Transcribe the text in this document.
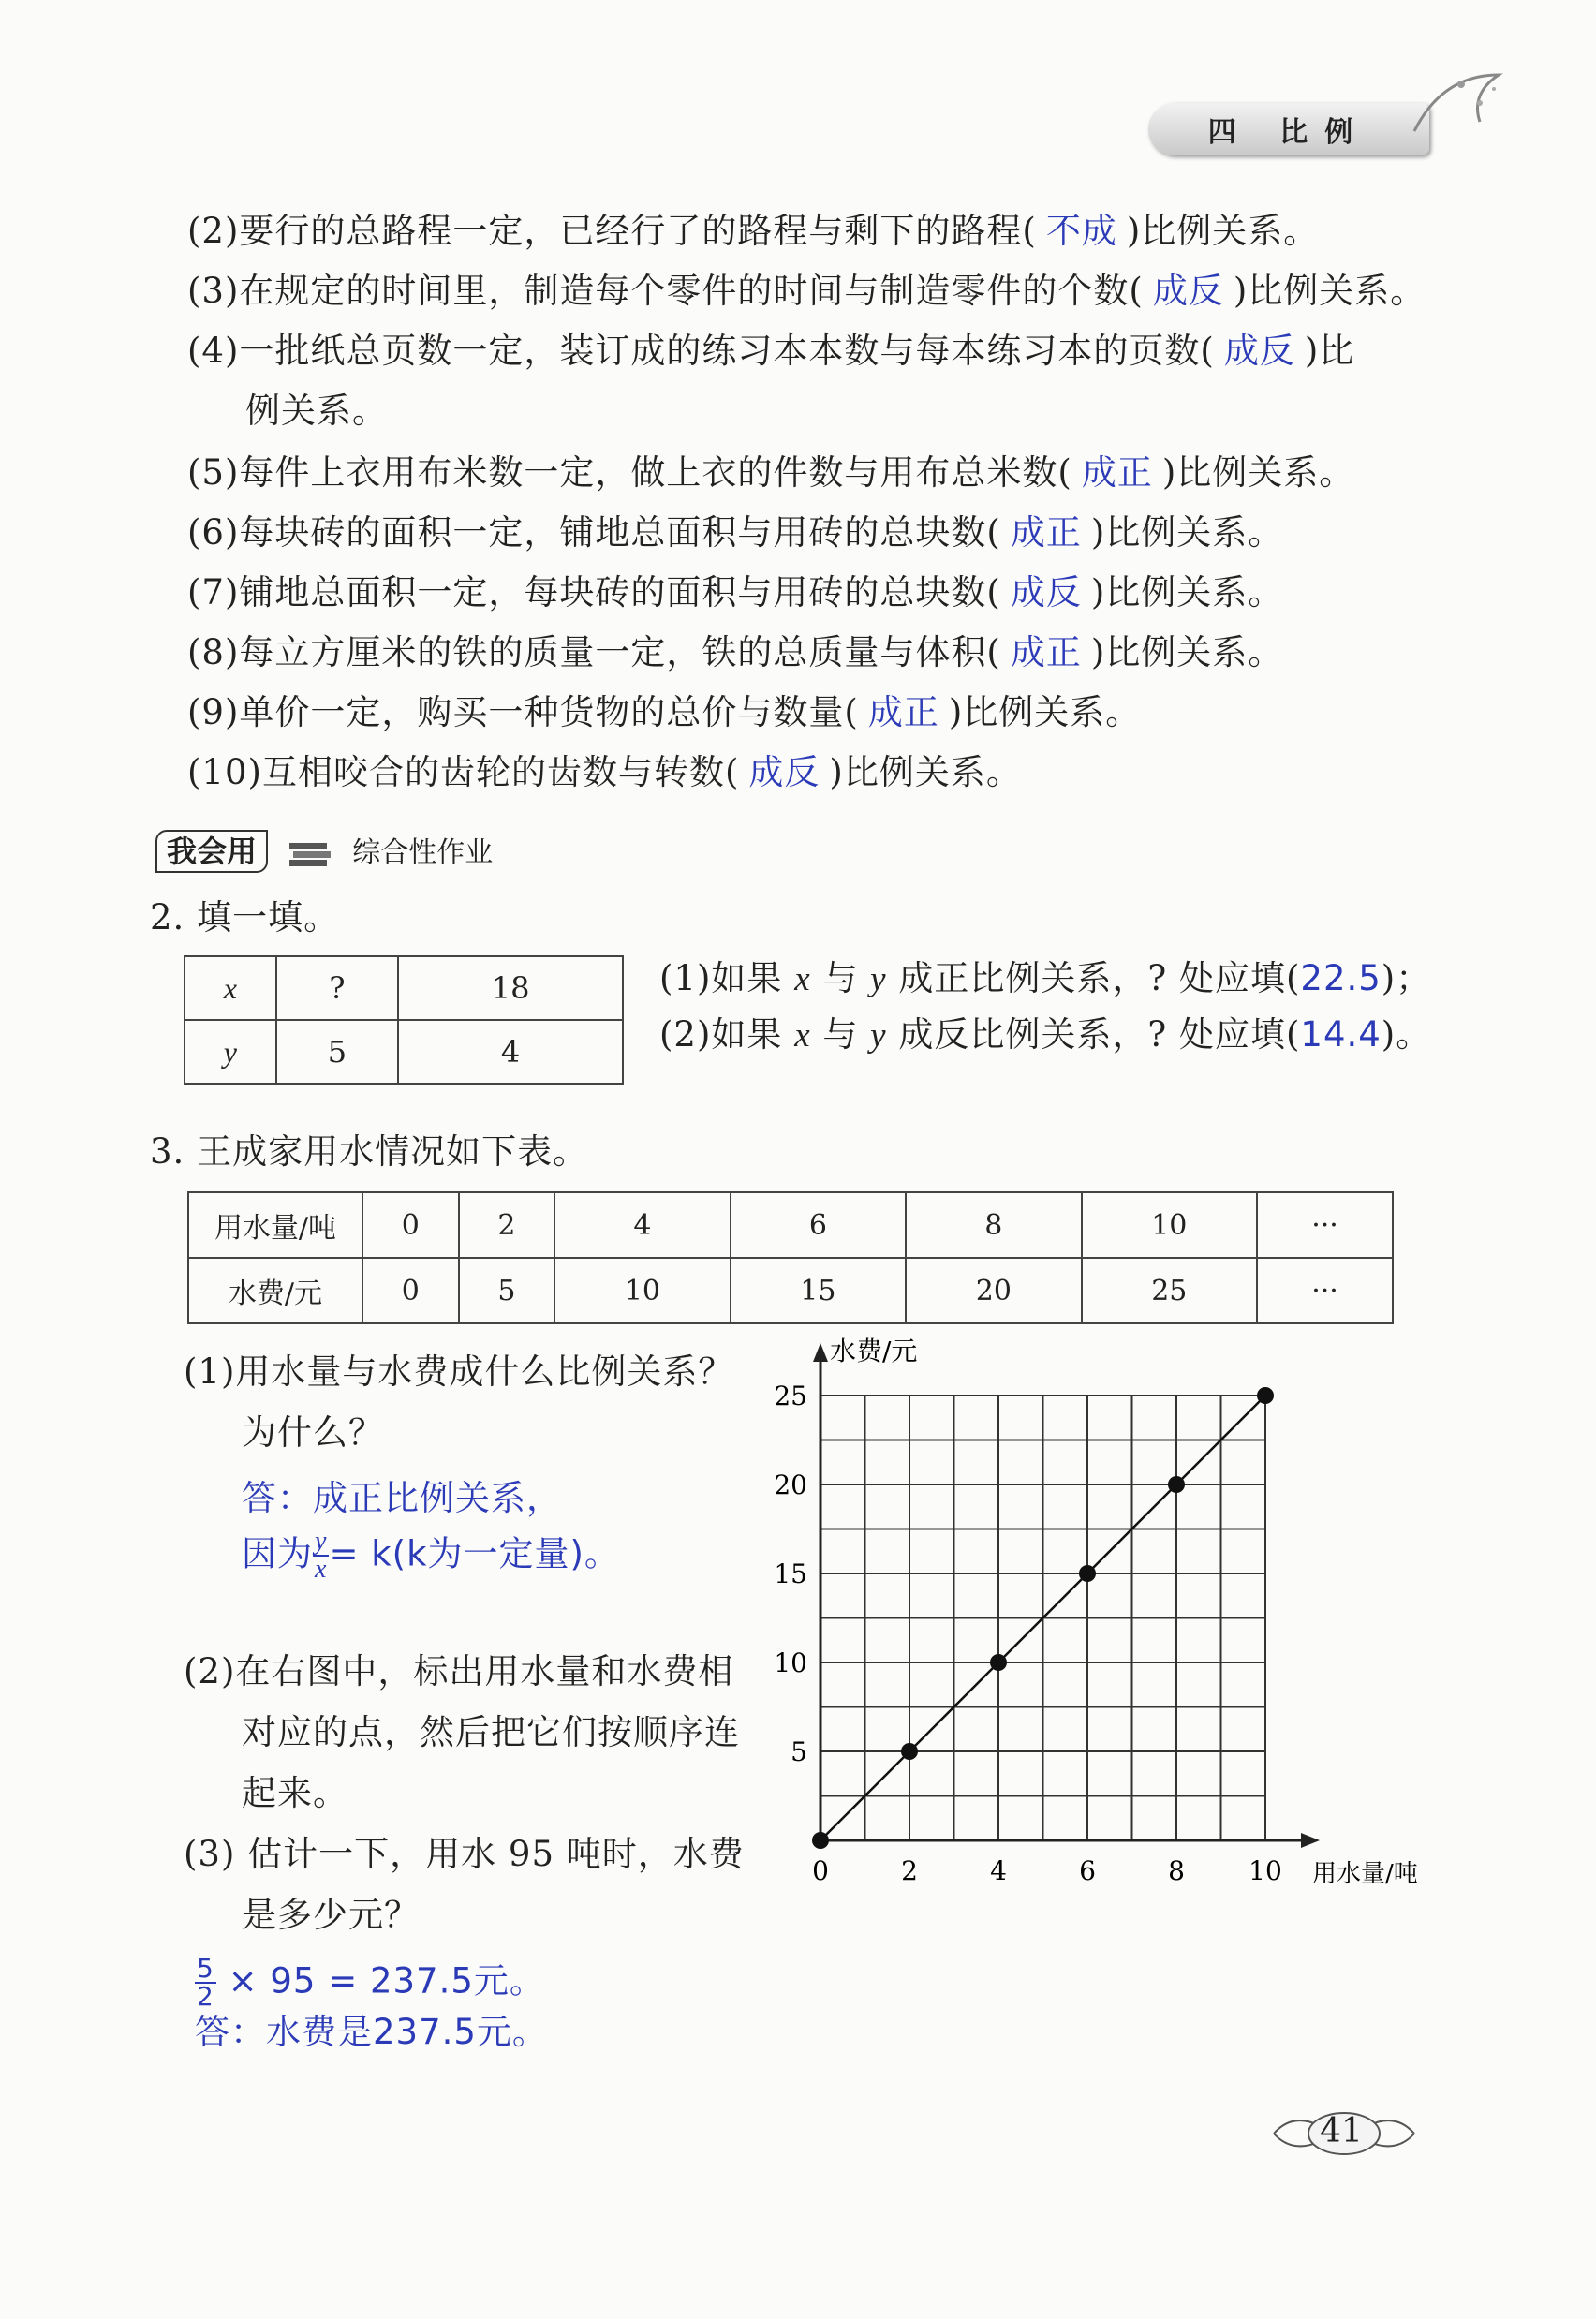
四 比例
(2)要行的总路程一定，已经行了的路程与剩下的路程( 不成 )比例关系。
(3)在规定的时间里，制造每个零件的时间与制造零件的个数( 成反 )比例关系。
(4)一批纸总页数一定，装订成的练习本本数与每本练习本的页数( 成反 )比
例关系。
(5)每件上衣用布米数一定，做上衣的件数与用布总米数( 成正 )比例关系。
(6)每块砖的面积一定，铺地总面积与用砖的总块数( 成正 )比例关系。
(7)铺地总面积一定，每块砖的面积与用砖的总块数( 成反 )比例关系。
(8)每立方厘米的铁的质量一定，铁的总质量与体积( 成正 )比例关系。
(9)单价一定，购买一种货物的总价与数量( 成正 )比例关系。
(10)互相咬合的齿轮的齿数与转数( 成反 )比例关系。
我会用	综合性作业
2. 填一填。
x	?	18
y	5	4
(1)如果 x 与 y 成正比例关系，? 处应填(22.5)；
(2)如果 x 与 y 成反比例关系，? 处应填(14.4)。
3. 王成家用水情况如下表。
用水量/吨	0	2	4	6	8	10	···
水费/元	0	5	10	15	20	25	···
(1)用水量与水费成什么比例关系？
为什么？
答：成正比例关系，
因为 $\frac{y}{x} = k(k$为一定量)。
(2)在右图中，标出用水量和水费相
对应的点，然后把它们按顺序连
起来。
(3) 估计一下，用水 95 吨时，水费
是多少元？
$\frac{5}{2} \times 95 = 237.5$元。
答：水费是237.5元。
0	2	4	6	8 10
5
10
15
20
25
水费/元
用水量/吨
41
